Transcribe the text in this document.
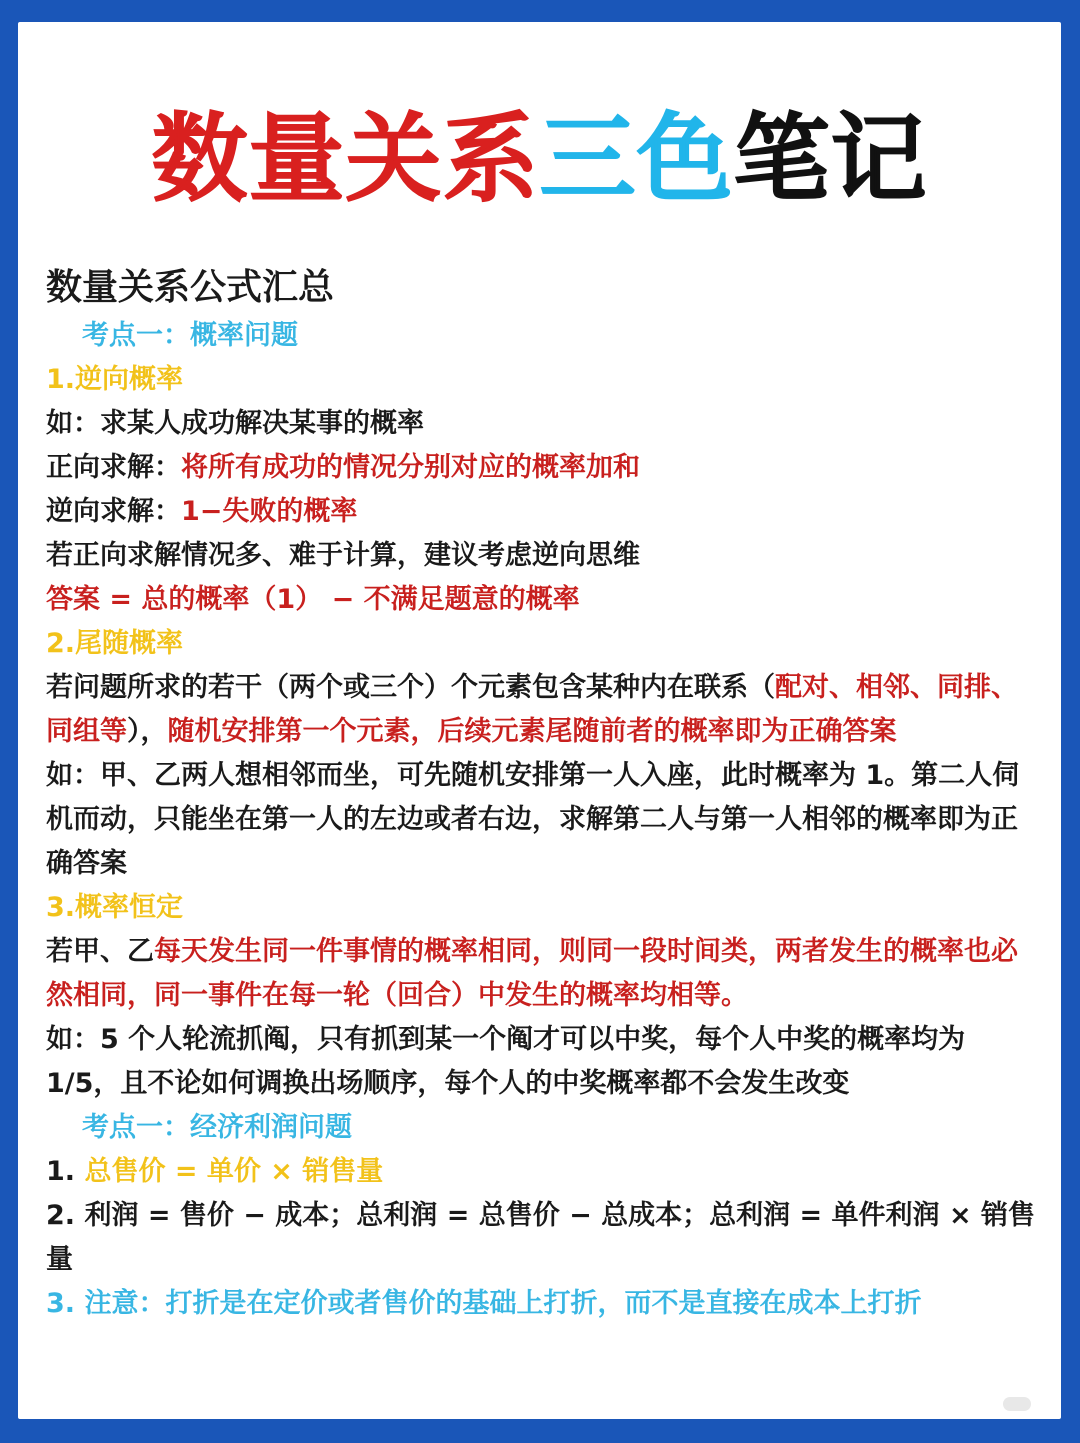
数量关系三色笔记
数量关系公式汇总
考点一：概率问题
1.逆向概率
如：求某人成功解决某事的概率
正向求解：将所有成功的情况分别对应的概率加和
逆向求解：1−失败的概率
若正向求解情况多、难于计算，建议考虑逆向思维
答案 = 总的概率（1） − 不满足题意的概率
2.尾随概率
若问题所求的若干（两个或三个）个元素包含某种内在联系（配对、相邻、同排、同组等），随机安排第一个元素，后续元素尾随前者的概率即为正确答案
如：甲、乙两人想相邻而坐，可先随机安排第一人入座，此时概率为 1。第二人伺机而动，只能坐在第一人的左边或者右边，求解第二人与第一人相邻的概率即为正确答案
3.概率恒定
若甲、乙每天发生同一件事情的概率相同，则同一段时间类，两者发生的概率也必然相同，同一事件在每一轮（回合）中发生的概率均相等。
如：5 个人轮流抓阄，只有抓到某一个阄才可以中奖，每个人中奖的概率均为 1/5，且不论如何调换出场顺序，每个人的中奖概率都不会发生改变
考点一：经济利润问题
1. 总售价 = 单价 × 销售量
2. 利润 = 售价 − 成本；总利润 = 总售价 − 总成本；总利润 = 单件利润 × 销售量
3. 注意：打折是在定价或者售价的基础上打折，而不是直接在成本上打折
